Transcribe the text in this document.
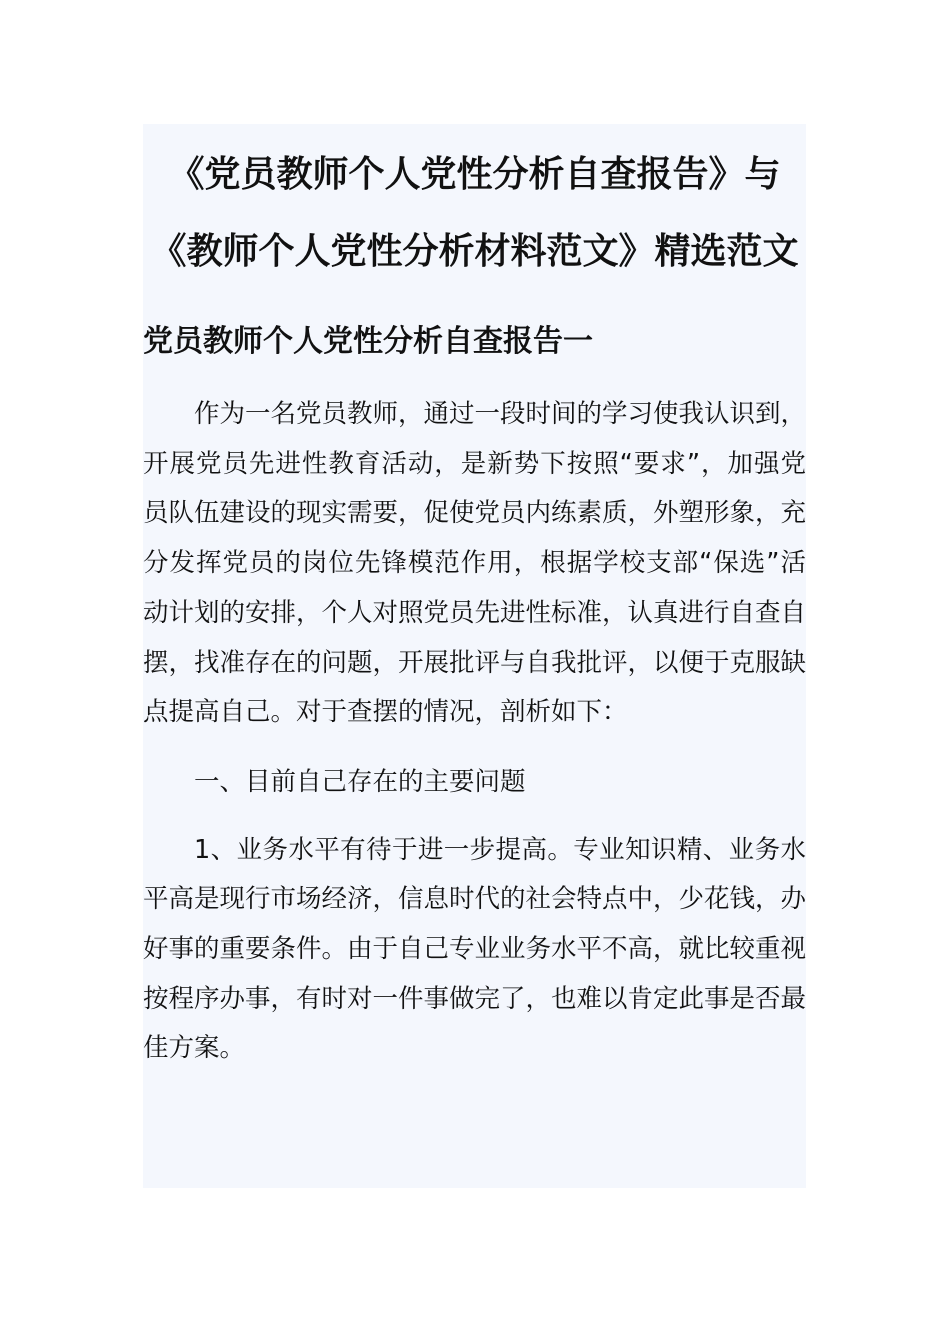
《党员教师个人党性分析自查报告》与《教师个人党性分析材料范文》精选范文
党员教师个人党性分析自查报告一

作为一名党员教师，通过一段时间的学习使我认识到，开展党员先进性教育活动，是新势下按照“要求”，加强党员队伍建设的现实需要，促使党员内练素质，外塑形象，充分发挥党员的岗位先锋模范作用，根据学校支部“保选”活动计划的安排，个人对照党员先进性标准，认真进行自查自摆，找准存在的问题，开展批评与自我批评，以便于克服缺点提高自己。对于查摆的情况，剖析如下：

一、目前自己存在的主要问题

1、业务水平有待于进一步提高。专业知识精、业务水平高是现行市场经济，信息时代的社会特点中，少花钱，办好事的重要条件。由于自己专业业务水平不高，就比较重视按程序办事，有时对一件事做完了，也难以肯定此事是否最佳方案。
